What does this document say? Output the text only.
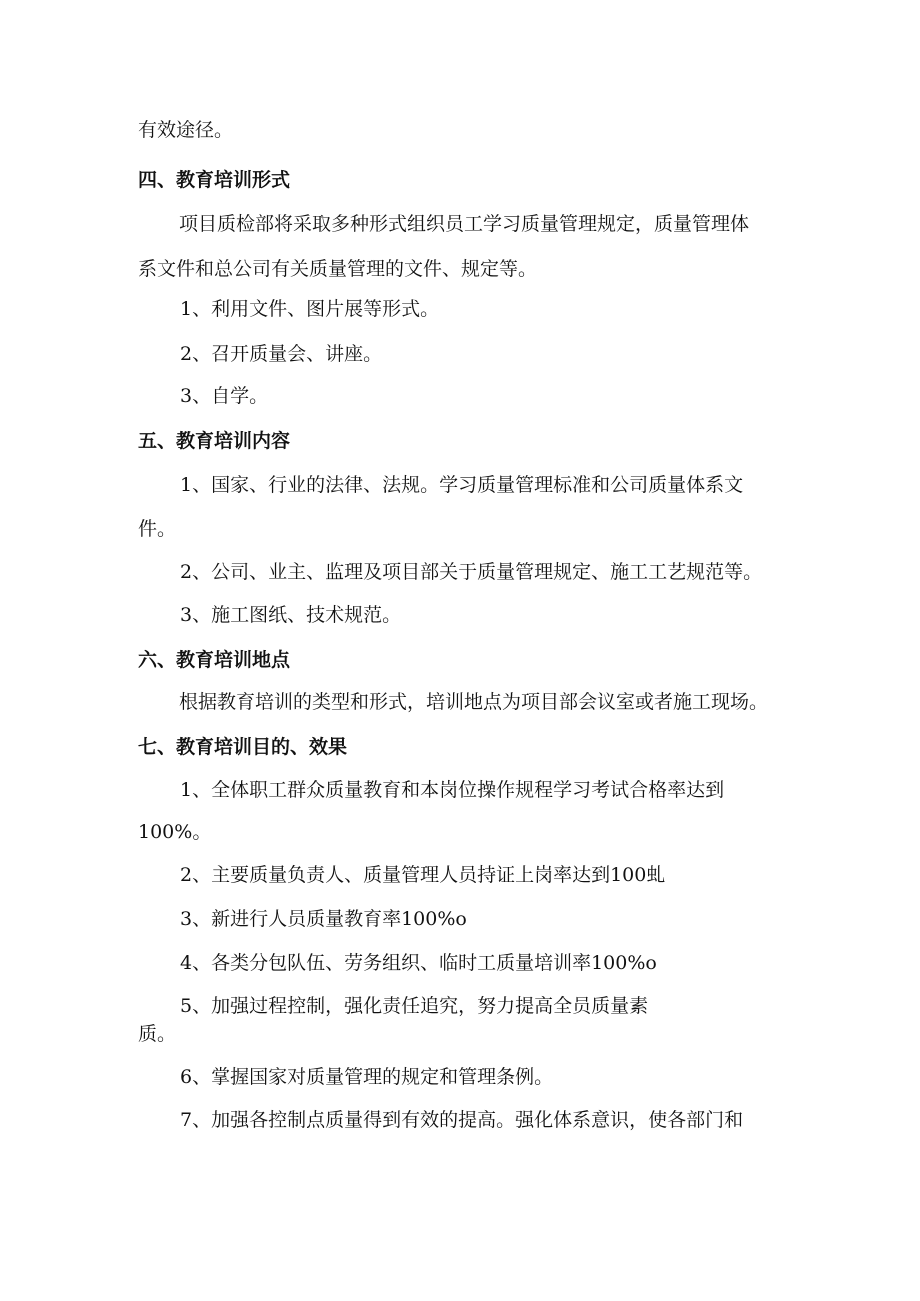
有效途径。
四、教育培训形式
项目质检部将采取多种形式组织员工学习质量管理规定，质量管理体
系文件和总公司有关质量管理的文件、规定等。
1、利用文件、图片展等形式。
2、召开质量会、讲座。
3、自学。
五、教育培训内容
1、国家、行业的法律、法规。学习质量管理标准和公司质量体系文
件。
2、公司、业主、监理及项目部关于质量管理规定、施工工艺规范等。
3、施工图纸、技术规范。
六、教育培训地点
根据教育培训的类型和形式，培训地点为项目部会议室或者施工现场。
七、教育培训目的、效果
1、全体职工群众质量教育和本岗位操作规程学习考试合格率达到
100%。
2、主要质量负责人、质量管理人员持证上岗率达到100虬
3、新进行人员质量教育率100%o
4、各类分包队伍、劳务组织、临时工质量培训率100%o
5、加强过程控制，强化责任追究，努力提高全员质量素
质。
6、掌握国家对质量管理的规定和管理条例。
7、加强各控制点质量得到有效的提高。强化体系意识，使各部门和
